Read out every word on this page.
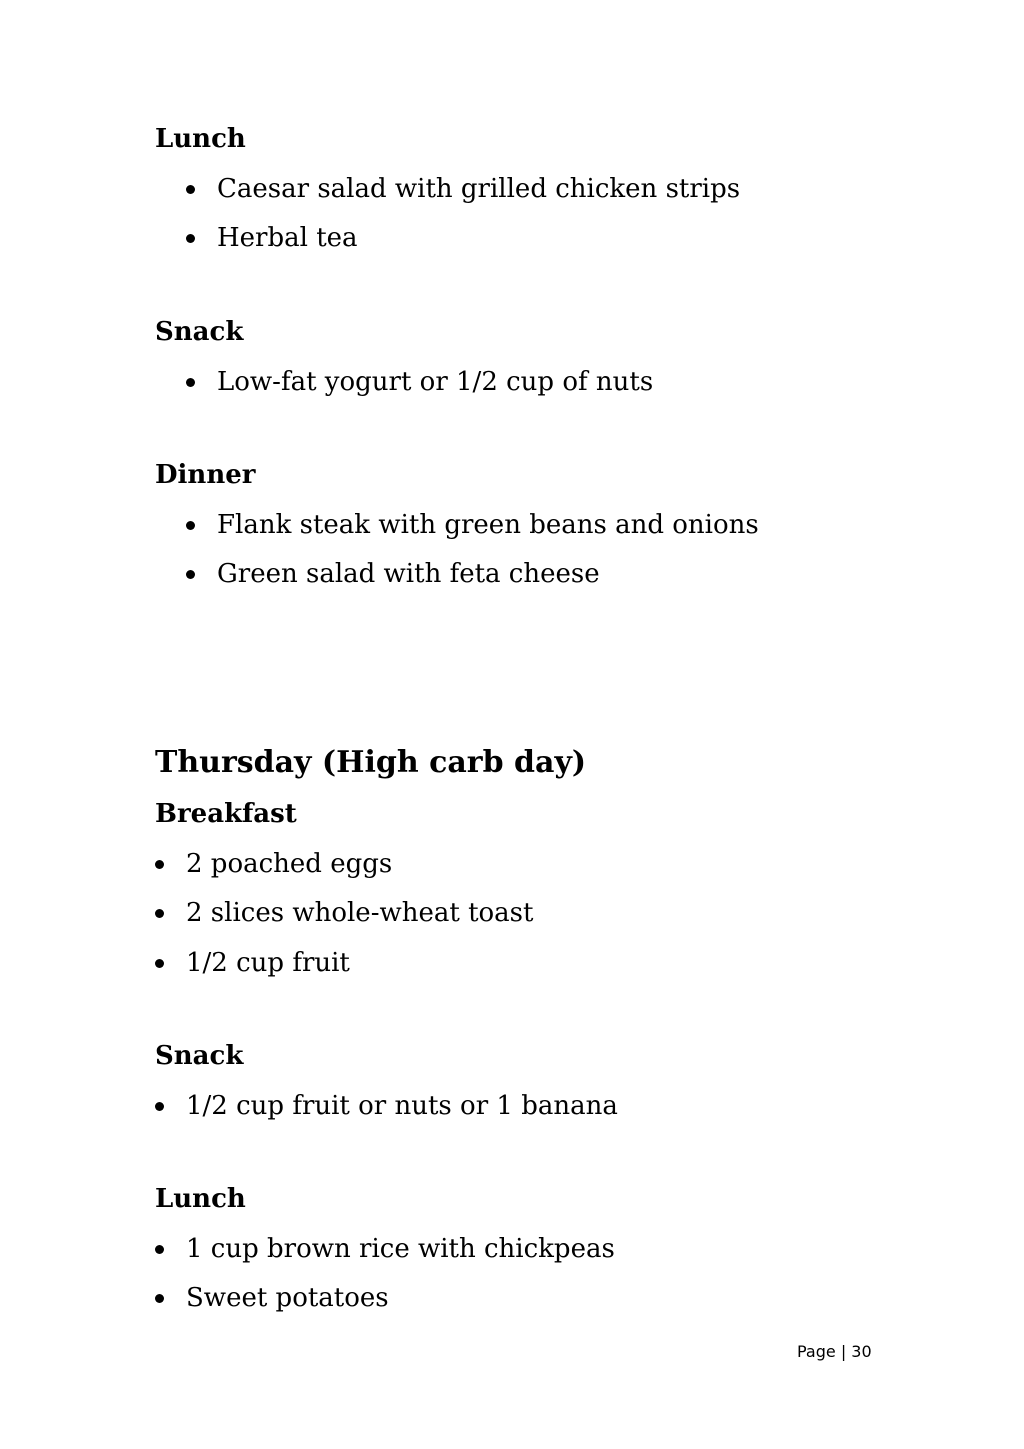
Lunch
Caesar salad with grilled chicken strips
Herbal tea
Snack
Low-fat yogurt or 1/2 cup of nuts
Dinner
Flank steak with green beans and onions
Green salad with feta cheese
Thursday (High carb day)
Breakfast
2 poached eggs
2 slices whole-wheat toast
1/2 cup fruit
Snack
1/2 cup fruit or nuts or 1 banana
Lunch
1 cup brown rice with chickpeas
Sweet potatoes
Page | 30
